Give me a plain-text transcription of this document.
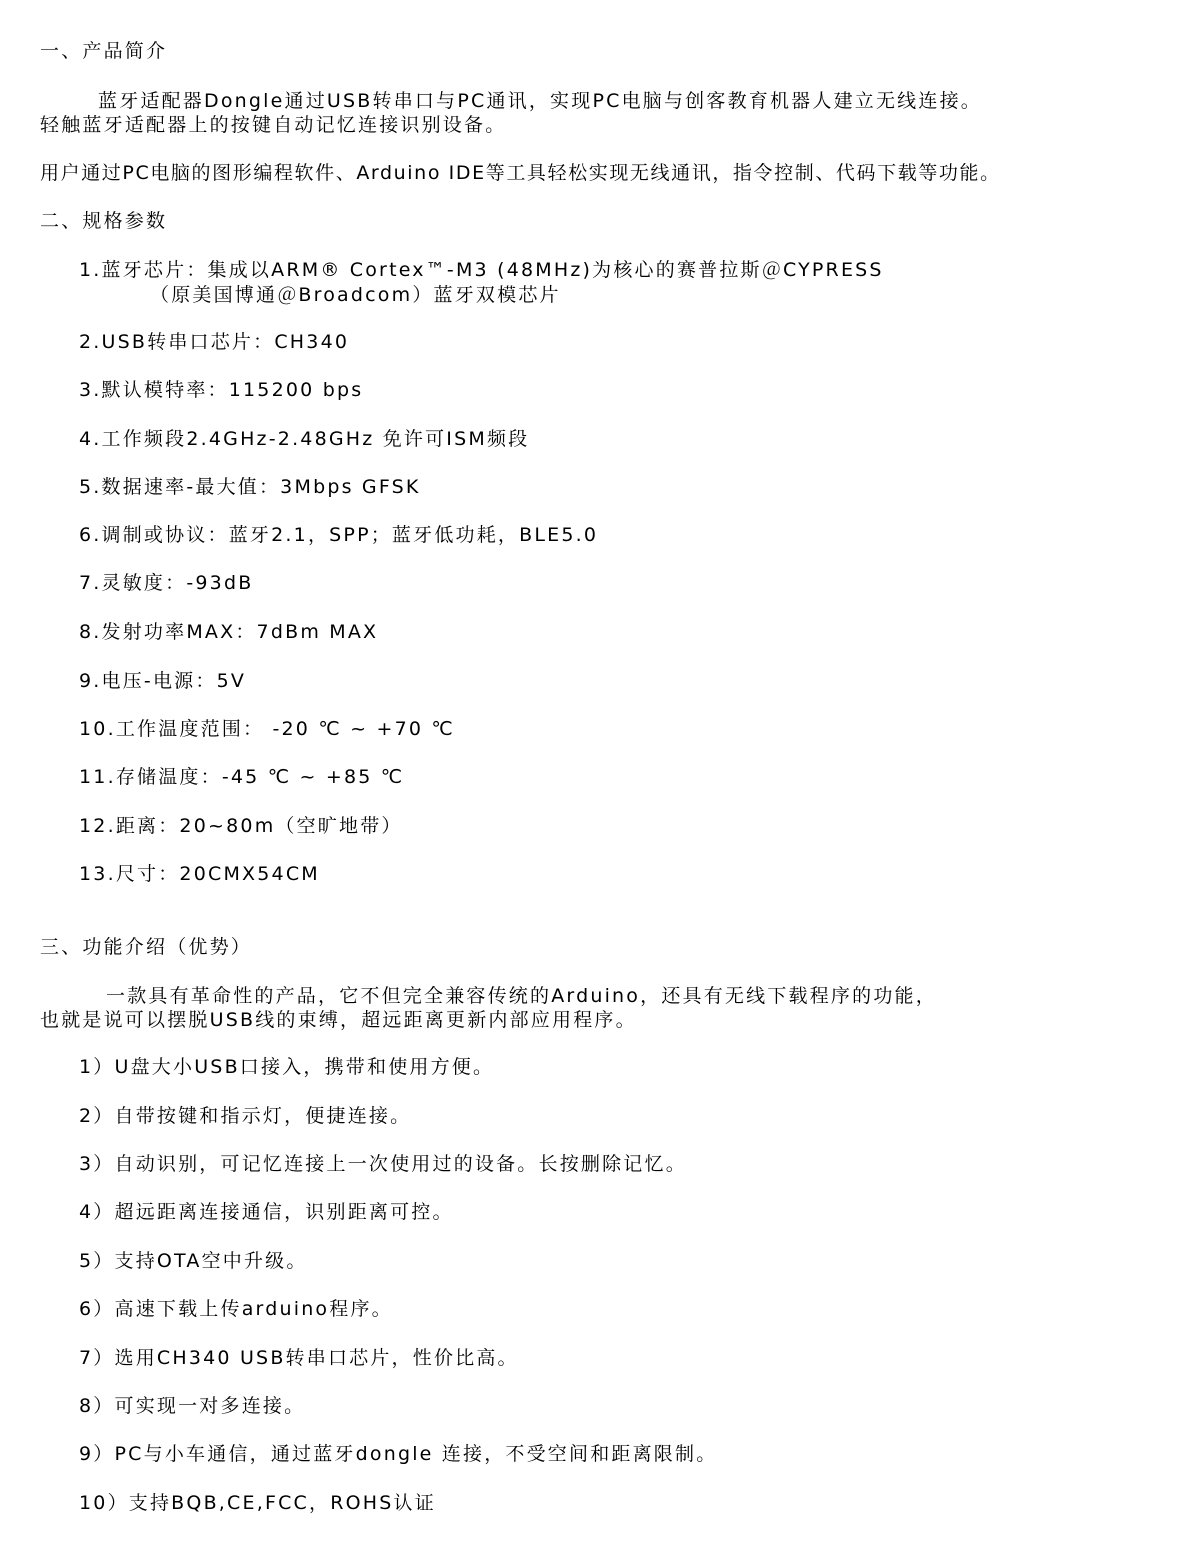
一、产品简介
蓝牙适配器Dongle通过USB转串口与PC通讯，实现PC电脑与创客教育机器人建立无线连接。
轻触蓝牙适配器上的按键自动记忆连接识别设备。
用户通过PC电脑的图形编程软件、Arduino IDE等工具轻松实现无线通讯，指令控制、代码下载等功能。
二、规格参数
1.蓝牙芯片：集成以ARM® Cortex™-M3 (48MHz)为核心的赛普拉斯＠CYPRESS
（原美国博通＠Broadcom）蓝牙双模芯片
2.USB转串口芯片：CH340
3.默认模特率：115200 bps
4.工作频段2.4GHz-2.48GHz 免许可ISM频段
5.数据速率-最大值：3Mbps GFSK
6.调制或协议：蓝牙2.1，SPP；蓝牙低功耗，BLE5.0
7.灵敏度：-93dB
8.发射功率MAX：7dBm MAX
9.电压-电源：5V
10.工作温度范围： -20 ℃ ~ +70 ℃
11.存储温度：-45 ℃ ~ +85 ℃
12.距离：20~80m（空旷地带）
13.尺寸：20CMX54CM
三、功能介绍（优势）
一款具有革命性的产品，它不但完全兼容传统的Arduino，还具有无线下载程序的功能，
也就是说可以摆脱USB线的束缚，超远距离更新内部应用程序。
1）U盘大小USB口接入，携带和使用方便。
2）自带按键和指示灯，便捷连接。
3）自动识别，可记忆连接上一次使用过的设备。长按删除记忆。
4）超远距离连接通信，识别距离可控。
5）支持OTA空中升级。
6）高速下载上传arduino程序。
7）选用CH340 USB转串口芯片，性价比高。
8）可实现一对多连接。
9）PC与小车通信，通过蓝牙dongle 连接，不受空间和距离限制。
10）支持BQB,CE,FCC，ROHS认证
